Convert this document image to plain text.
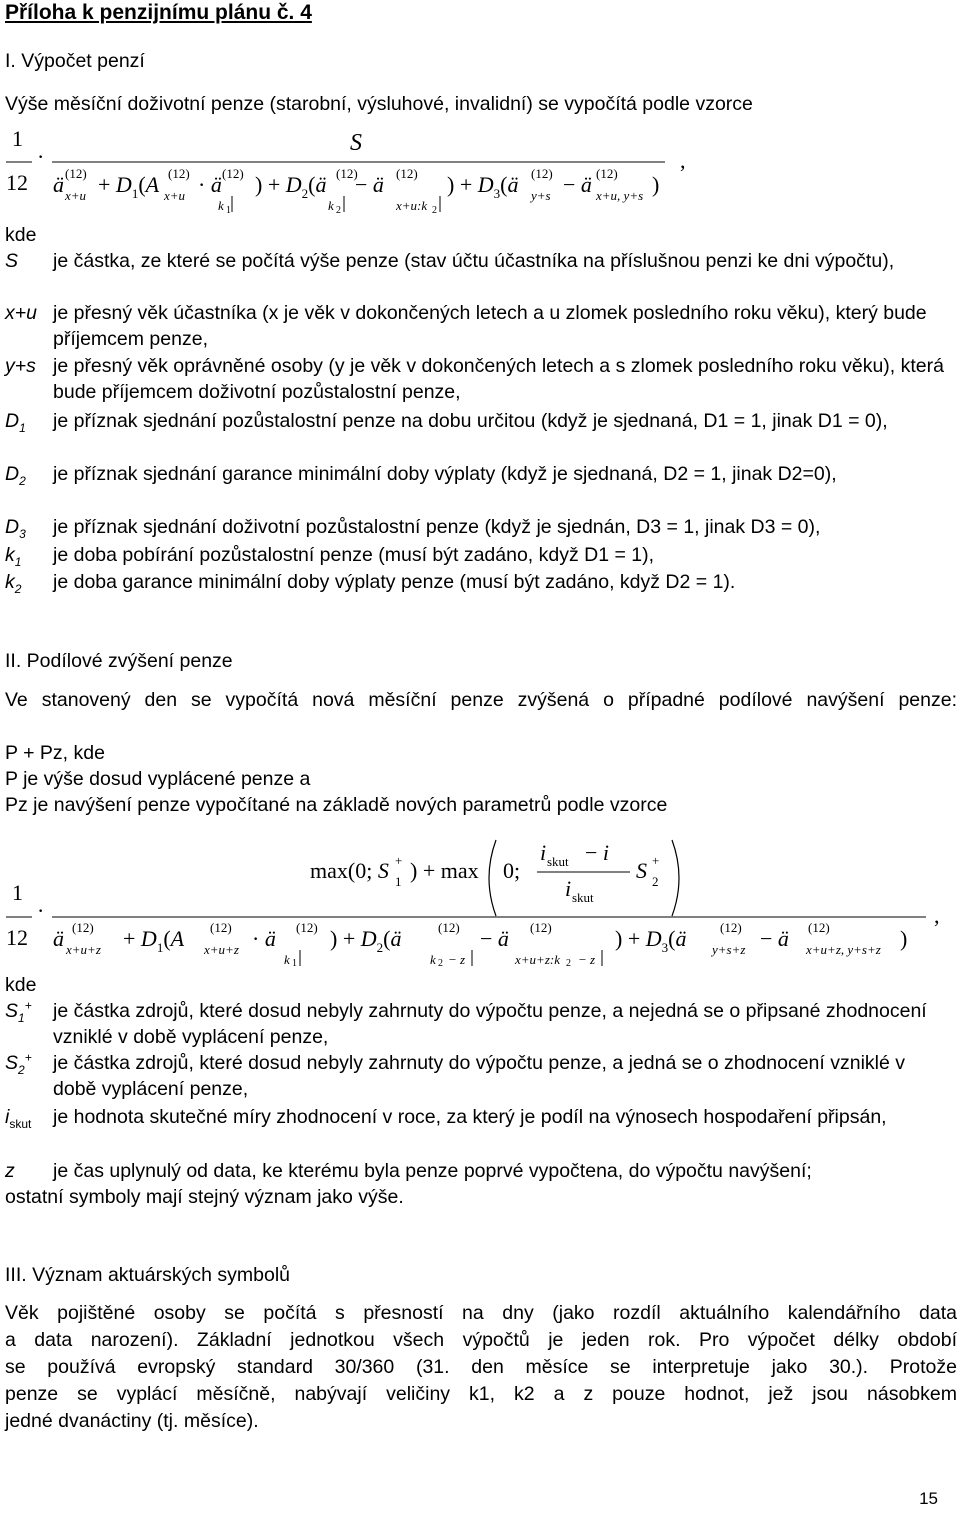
Příloha k penzijnímu plánu č. 4
I. Výpočet penzí
Výše měsíční doživotní penze (starobní, výsluhové, invalidní) se vypočítá podle vzorce
1
12
·
S
ä (12)
$x+u + D_1(A$ (12)
x+u · ä (12)
k 1
) + $D_2(ä$ (12)
k 2
− ä (12)
x+u:k 2
) + $D_3(ä$ (12)
y+s − ä (12)
x+u, y+s )
,
kde
S je částka, ze které se počítá výše penze (stav účtu účastníka na příslušnou penzi ke dni výpočtu),
x+u je přesný věk účastníka (x je věk v dokončených letech a u zlomek posledního roku věku), který bude příjemcem penze,
y+s je přesný věk oprávněné osoby (y je věk v dokončených letech a s zlomek posledního roku věku), která bude příjemcem doživotní pozůstalostní penze,
$D_1$ je příznak sjednání pozůstalostní penze na dobu určitou (když je sjednaná, D1 = 1, jinak D1 = 0),
$D_2$ je příznak sjednání garance minimální doby výplaty (když je sjednaná, D2 = 1, jinak D2=0),
$D_3$ je příznak sjednání doživotní pozůstalostní penze (když je sjednán, D3 = 1, jinak D3 = 0),
$k_1$ je doba pobírání pozůstalostní penze (musí být zadáno, když D1 = 1),
$k_2$ je doba garance minimální doby výplaty penze (musí být zadáno, když D2 = 1).
II. Podílové zvýšení penze
Ve stanovený den se vypočítá nová měsíční penze zvýšená o případné podílové navýšení penze:
P + Pz, kde
P je výše dosud vyplácené penze a
Pz je navýšení penze vypočítané na základě nových parametrů podle vzorce
1
12
·
max(0; S +
1 ) + max 0;
i skut − i
i skut
S +
2
ä (12)
$x+u+z + D_1(A$ (12)
x+u+z · ä (12)
k 1
) + $D_2(ä$	(12)
k 2 − z
− ä (12)
x+u+z:k 2 − z
) + $D_3(ä$	(12)
y+s+z − ä (12)
x+u+z, y+s+z )
,
kde
$S_1^+$ je částka zdrojů, které dosud nebyly zahrnuty do výpočtu penze, a nejedná se o připsané zhodnocení vzniklé v době vyplácení penze,
$S_2^+$ je částka zdrojů, které dosud nebyly zahrnuty do výpočtu penze, a jedná se o zhodnocení vzniklé v době vyplácení penze,
$i_{skut}$ je hodnota skutečné míry zhodnocení v roce, za který je podíl na výnosech hospodaření připsán,
z je čas uplynulý od data, ke kterému byla penze poprvé vypočtena, do výpočtu navýšení;
ostatní symboly mají stejný význam jako výše.
III. Význam aktuárských symbolů
Věk pojištěné osoby se počítá s přesností na dny (jako rozdíl aktuálního kalendářního data
a data narození). Základní jednotkou všech výpočtů je jeden rok. Pro výpočet délky období
se používá evropský standard 30/360 (31. den měsíce se interpretuje jako 30.). Protože
penze se vyplácí měsíčně, nabývají veličiny k1, k2 a z pouze hodnot, jež jsou násobkem
jedné dvanáctiny (tj. měsíce).
15
